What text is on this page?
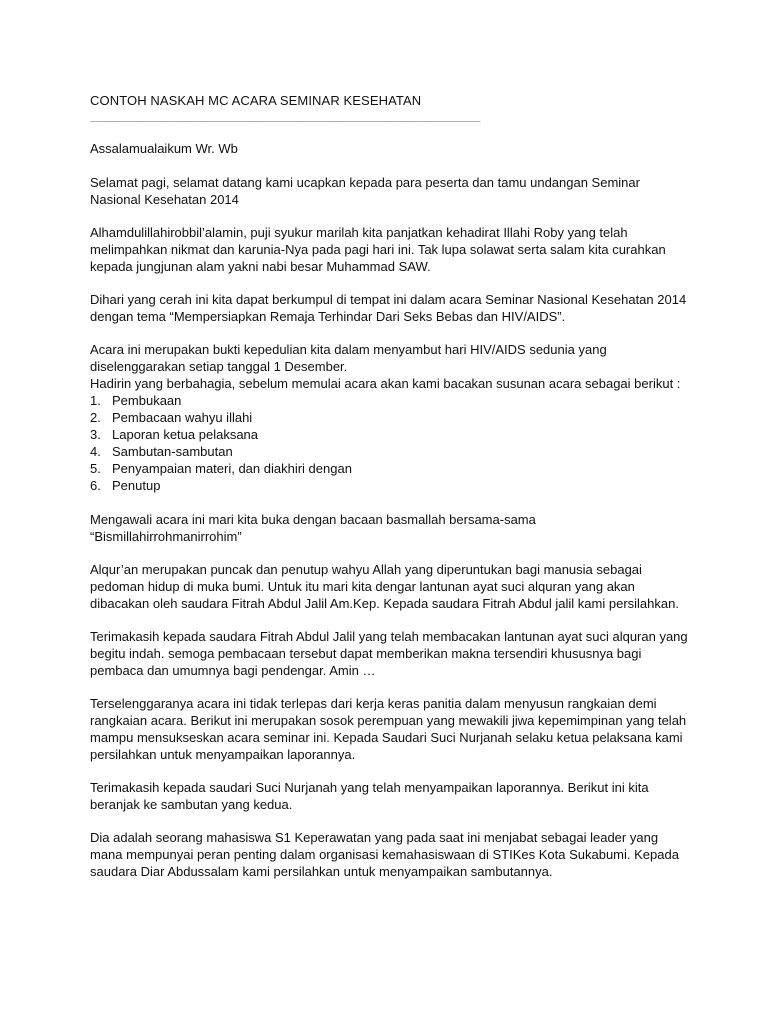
CONTOH NASKAH MC ACARA SEMINAR KESEHATAN
______________________________________________________

Assalamualaikum Wr. Wb

Selamat pagi, selamat datang kami ucapkan kepada para peserta dan tamu undangan Seminar Nasional Kesehatan 2014

Alhamdulillahirobbil’alamin, puji syukur marilah kita panjatkan kehadirat Illahi Roby yang telah melimpahkan nikmat dan karunia-Nya pada pagi hari ini. Tak lupa solawat serta salam kita curahkan kepada jungjunan alam yakni nabi besar Muhammad SAW.

Dihari yang cerah ini kita dapat berkumpul di tempat ini dalam acara Seminar Nasional Kesehatan 2014 dengan tema “Mempersiapkan Remaja Terhindar Dari Seks Bebas dan HIV/AIDS”.

Acara ini merupakan bukti kepedulian kita dalam menyambut hari HIV/AIDS sedunia yang diselenggarakan setiap tanggal 1 Desember.

Hadirin yang berbahagia, sebelum memulai acara akan kami bacakan susunan acara sebagai berikut :

1. Pembukaan
2. Pembacaan wahyu illahi
3. Laporan ketua pelaksana
4. Sambutan-sambutan
5. Penyampaian materi, dan diakhiri dengan
6. Penutup

Mengawali acara ini mari kita buka dengan bacaan basmallah bersama-sama “Bismillahirrohmanirrohim”

Alqur’an merupakan puncak dan penutup wahyu Allah yang diperuntukan bagi manusia sebagai pedoman hidup di muka bumi. Untuk itu mari kita dengar lantunan ayat suci alquran yang akan dibacakan oleh saudara Fitrah Abdul Jalil Am.Kep. Kepada saudara Fitrah Abdul jalil kami persilahkan.

Terimakasih kepada saudara Fitrah Abdul Jalil yang telah membacakan lantunan ayat suci alquran yang begitu indah. semoga pembacaan tersebut dapat memberikan makna tersendiri khususnya bagi pembaca dan umumnya bagi pendengar. Amin …

Terselenggaranya acara ini tidak terlepas dari kerja keras panitia dalam menyusun rangkaian demi rangkaian acara. Berikut ini merupakan sosok perempuan yang mewakili jiwa kepemimpinan yang telah mampu mensukseskan acara seminar ini. Kepada Saudari Suci Nurjanah selaku ketua pelaksana kami persilahkan untuk menyampaikan laporannya.

Terimakasih kepada saudari Suci Nurjanah yang telah menyampaikan laporannya. Berikut ini kita beranjak ke sambutan yang kedua.

Dia adalah seorang mahasiswa S1 Keperawatan yang pada saat ini menjabat sebagai leader yang mana mempunyai peran penting dalam organisasi kemahasiswaan di STIKes Kota Sukabumi. Kepada saudara Diar Abdussalam kami persilahkan untuk menyampaikan sambutannya.
